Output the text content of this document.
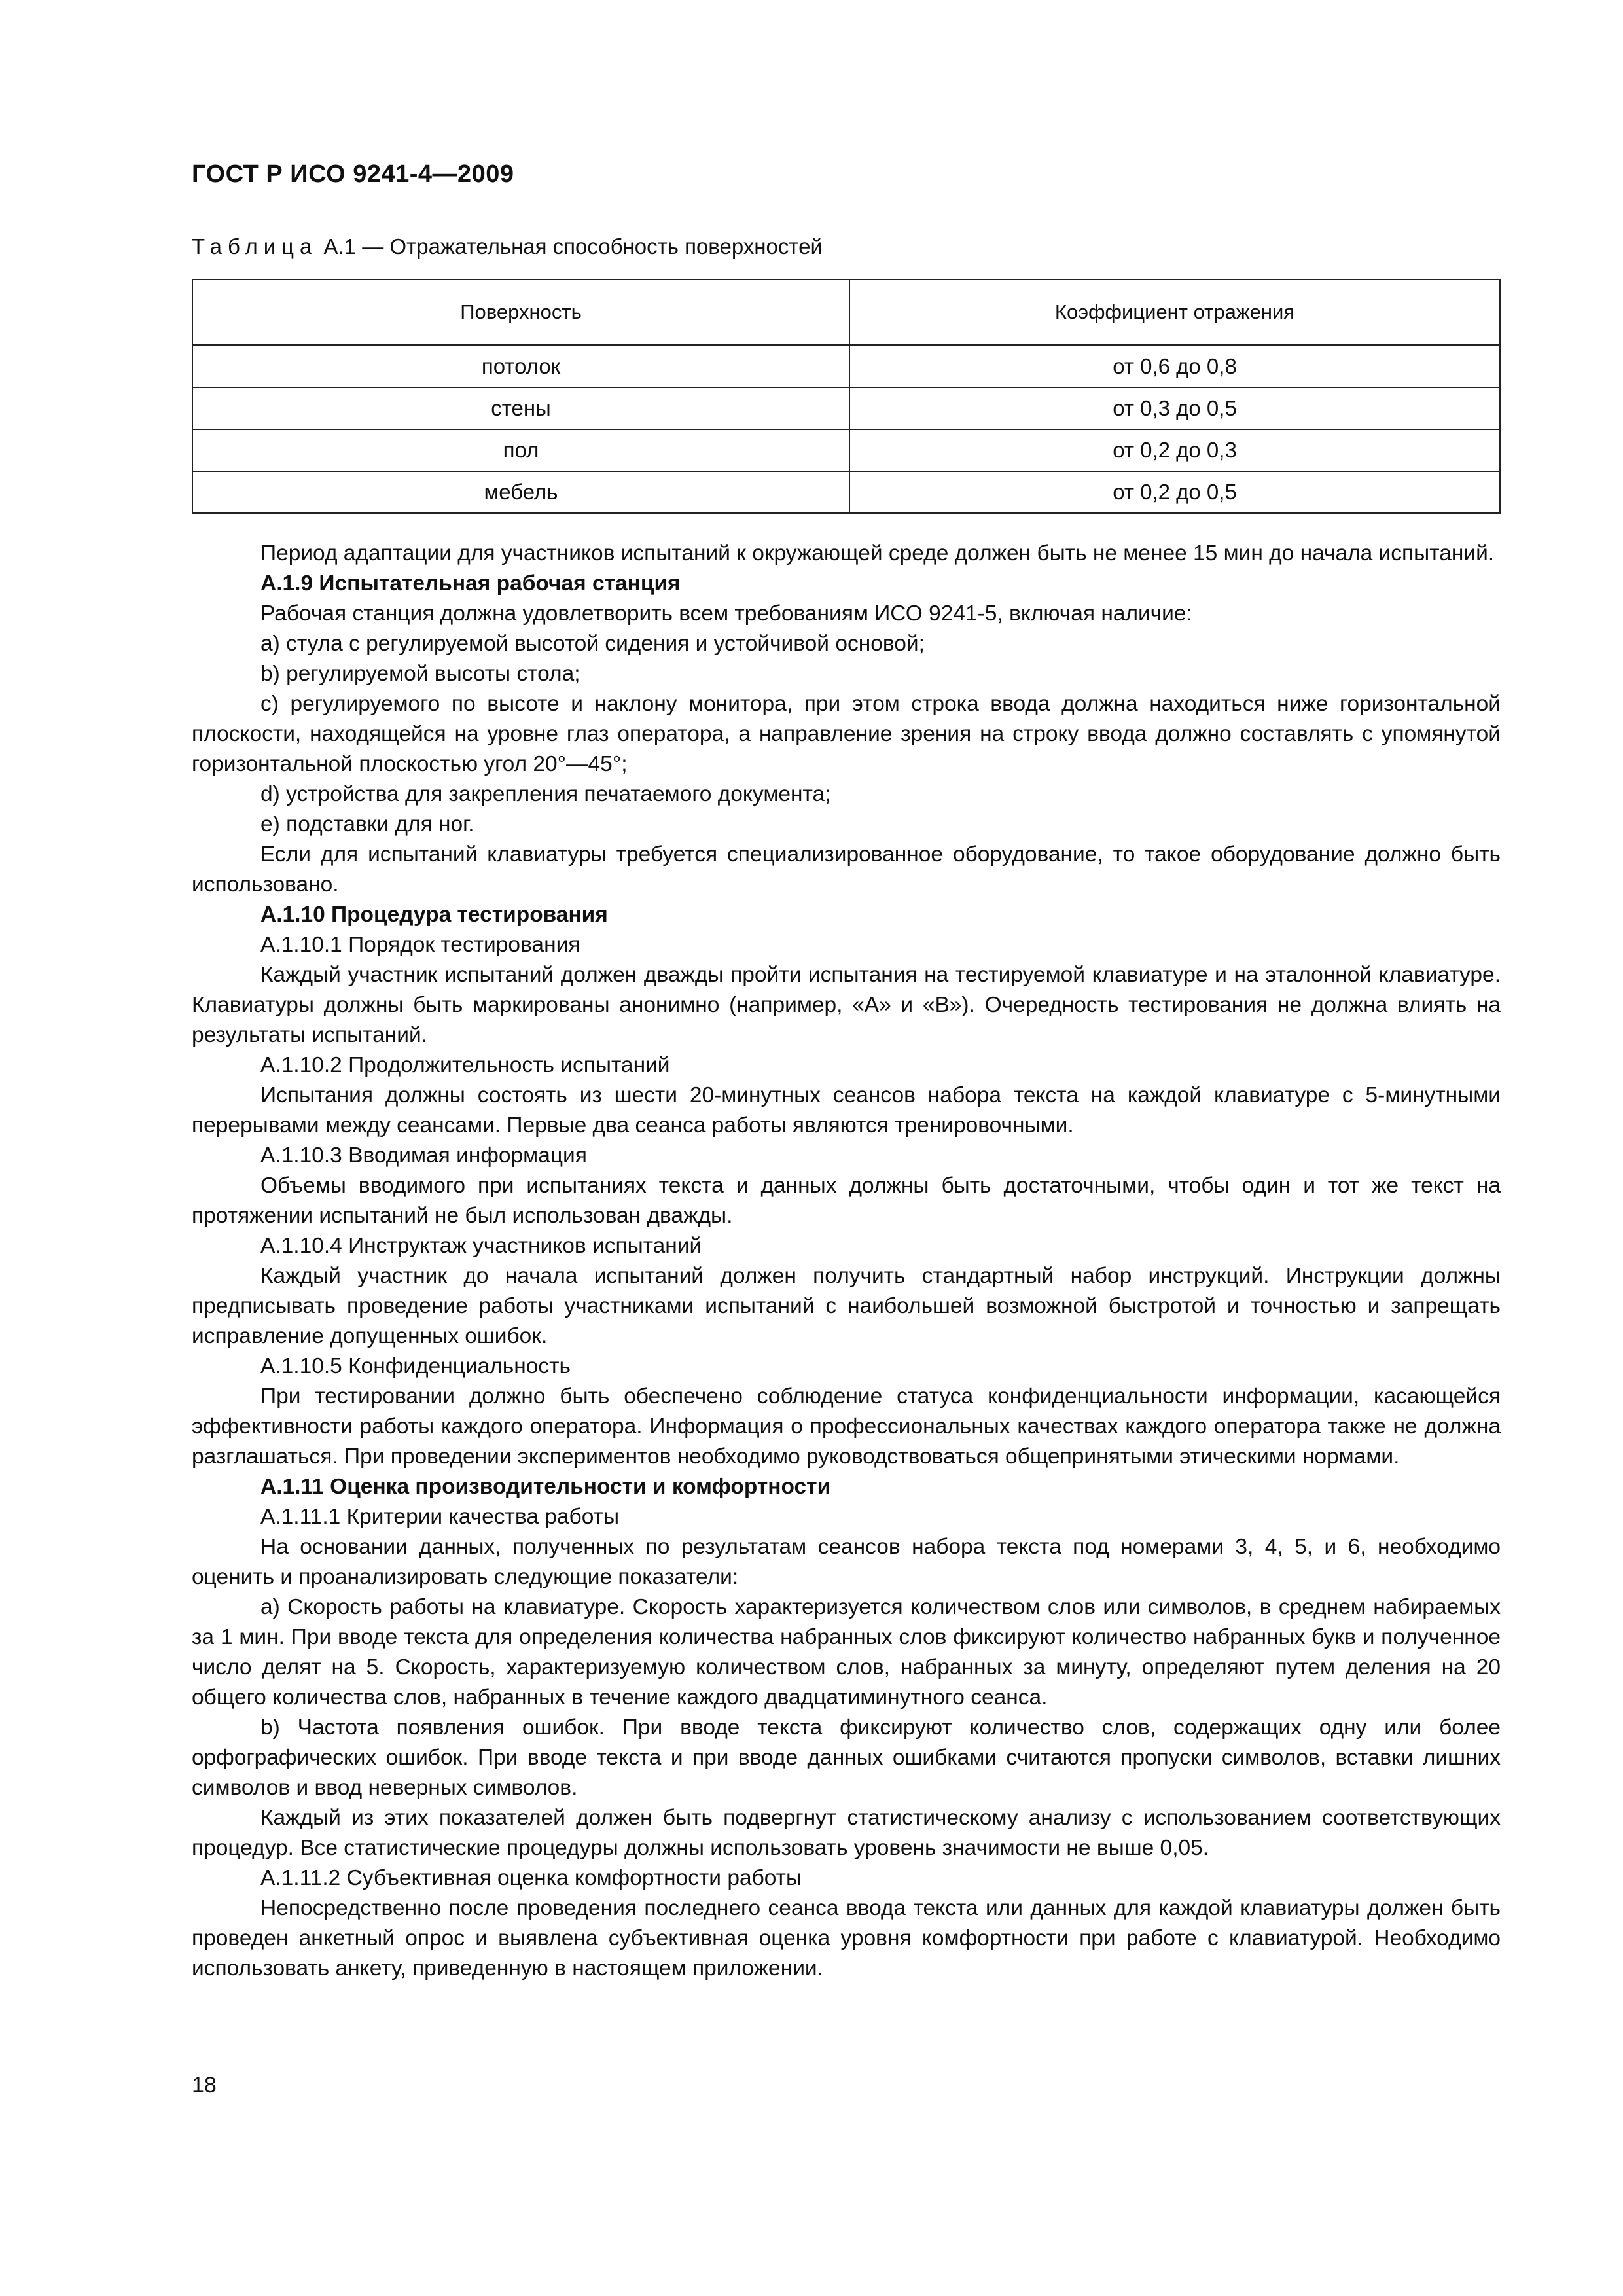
ГОСТ Р ИСО 9241-4—2009
Таблица А.1 — Отражательная способность поверхностей
Поверхность	Коэффициент отражения
потолок	от 0,6 до 0,8
стены	от 0,3 до 0,5
пол	от 0,2 до 0,3
мебель	от 0,2 до 0,5

Период адаптации для участников испытаний к окружающей среде должен быть не менее 15 мин до начала испытаний.

А.1.9 Испытательная рабочая станция

Рабочая станция должна удовлетворить всем требованиям ИСО 9241-5, включая наличие:

a) стула с регулируемой высотой сидения и устойчивой основой;

b) регулируемой высоты стола;

c) регулируемого по высоте и наклону монитора, при этом строка ввода должна находиться ниже горизонтальной плоскости, находящейся на уровне глаз оператора, а направление зрения на строку ввода должно составлять с упомянутой горизонтальной плоскостью угол 20°—45°;

d) устройства для закрепления печатаемого документа;

e) подставки для ног.

Если для испытаний клавиатуры требуется специализированное оборудование, то такое оборудование должно быть использовано.

А.1.10 Процедура тестирования

А.1.10.1 Порядок тестирования

Каждый участник испытаний должен дважды пройти испытания на тестируемой клавиатуре и на эталонной клавиатуре. Клавиатуры должны быть маркированы анонимно (например, «А» и «В»). Очередность тестирования не должна влиять на результаты испытаний.

А.1.10.2 Продолжительность испытаний

Испытания должны состоять из шести 20-минутных сеансов набора текста на каждой клавиатуре с 5-минутными перерывами между сеансами. Первые два сеанса работы являются тренировочными.

А.1.10.3 Вводимая информация

Объемы вводимого при испытаниях текста и данных должны быть достаточными, чтобы один и тот же текст на протяжении испытаний не был использован дважды.

А.1.10.4 Инструктаж участников испытаний

Каждый участник до начала испытаний должен получить стандартный набор инструкций. Инструкции должны предписывать проведение работы участниками испытаний с наибольшей возможной быстротой и точностью и запрещать исправление допущенных ошибок.

А.1.10.5 Конфиденциальность

При тестировании должно быть обеспечено соблюдение статуса конфиденциальности информации, касающейся эффективности работы каждого оператора. Информация о профессиональных качествах каждого оператора также не должна разглашаться. При проведении экспериментов необходимо руководствоваться общепринятыми этическими нормами.

А.1.11 Оценка производительности и комфортности

А.1.11.1 Критерии качества работы

На основании данных, полученных по результатам сеансов набора текста под номерами 3, 4, 5, и 6, необходимо оценить и проанализировать следующие показатели:

a) Скорость работы на клавиатуре. Скорость характеризуется количеством слов или символов, в среднем набираемых за 1 мин. При вводе текста для определения количества набранных слов фиксируют количество набранных букв и полученное число делят на 5. Скорость, характеризуемую количеством слов, набранных за минуту, определяют путем деления на 20 общего количества слов, набранных в течение каждого двадцатиминутного сеанса.

b) Частота появления ошибок. При вводе текста фиксируют количество слов, содержащих одну или более орфографических ошибок. При вводе текста и при вводе данных ошибками считаются пропуски символов, вставки лишних символов и ввод неверных символов.

Каждый из этих показателей должен быть подвергнут статистическому анализу с использованием соответствующих процедур. Все статистические процедуры должны использовать уровень значимости не выше 0,05.

А.1.11.2 Субъективная оценка комфортности работы

Непосредственно после проведения последнего сеанса ввода текста или данных для каждой клавиатуры должен быть проведен анкетный опрос и выявлена субъективная оценка уровня комфортности при работе с клавиатурой. Необходимо использовать анкету, приведенную в настоящем приложении.

18
